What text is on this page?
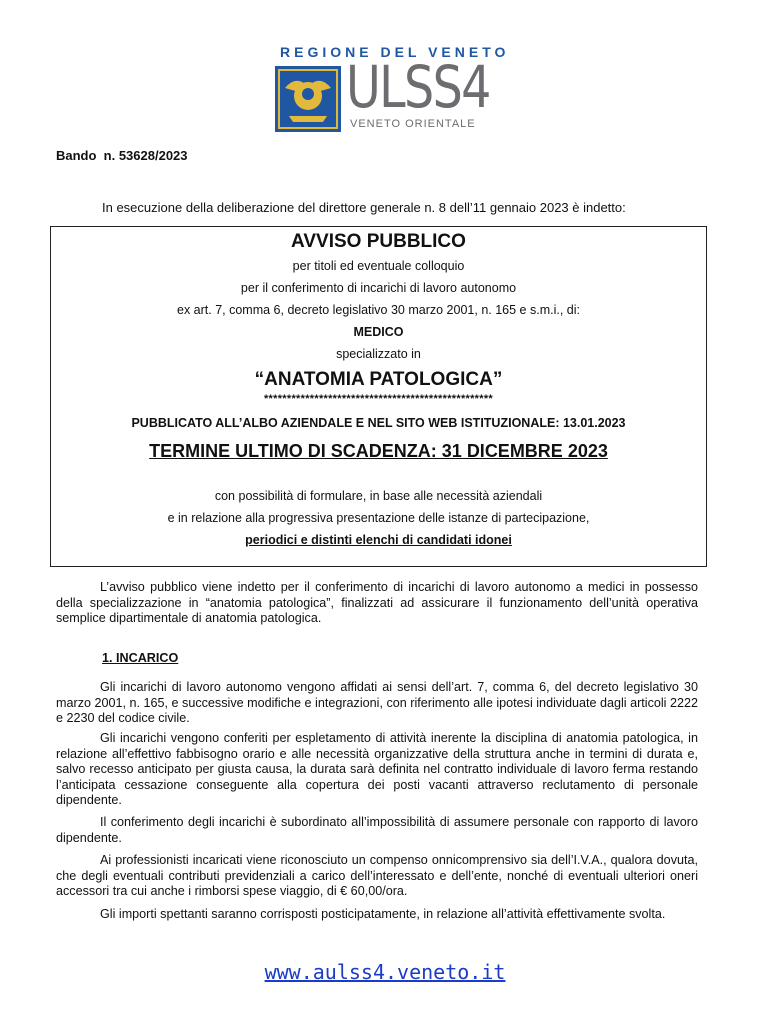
REGIONE DEL VENETO
ULSS4
VENETO ORIENTALE
Bando  n. 53628/2023
In esecuzione della deliberazione del direttore generale n. 8 dell’11 gennaio 2023 è indetto:
AVVISO PUBBLICO
per titoli ed eventuale colloquio
per il conferimento di incarichi di lavoro autonomo
ex art. 7, comma 6, decreto legislativo 30 marzo 2001, n. 165 e s.m.i., di:
MEDICO
specializzato in
“ANATOMIA PATOLOGICA”
**************************************************
PUBBLICATO ALL’ALBO AZIENDALE E NEL SITO WEB ISTITUZIONALE: 13.01.2023
TERMINE ULTIMO DI SCADENZA: 31 DICEMBRE 2023
con possibilità di formulare, in base alle necessità aziendali
e in relazione alla progressiva presentazione delle istanze di partecipazione,
periodici e distinti elenchi di candidati idonei
L’avviso pubblico viene indetto per il conferimento di incarichi di lavoro autonomo a medici in possesso della specializzazione in “anatomia patologica”, finalizzati ad assicurare il funzionamento dell’unità operativa semplice dipartimentale di anatomia patologica.
1. INCARICO
Gli incarichi di lavoro autonomo vengono affidati ai sensi dell’art. 7, comma 6, del decreto legislativo 30 marzo 2001, n. 165, e successive modifiche e integrazioni, con riferimento alle ipotesi individuate dagli articoli 2222 e 2230 del codice civile.
Gli incarichi vengono conferiti per espletamento di attività inerente la disciplina di anatomia patologica, in relazione all’effettivo fabbisogno orario e alle necessità organizzative della struttura anche in termini di durata e, salvo recesso anticipato per giusta causa, la durata sarà definita nel contratto individuale di lavoro ferma restando l’anticipata cessazione conseguente alla copertura dei posti vacanti attraverso reclutamento di personale dipendente.
Il conferimento degli incarichi è subordinato all’impossibilità di assumere personale con rapporto di lavoro dipendente.
Ai professionisti incaricati viene riconosciuto un compenso onnicomprensivo sia dell’I.V.A., qualora dovuta, che degli eventuali contributi previdenziali a carico dell’interessato e dell’ente, nonché di eventuali ulteriori oneri accessori tra cui anche i rimborsi spese viaggio, di € 60,00/ora.
Gli importi spettanti saranno corrisposti posticipatamente, in relazione all’attività effettivamente svolta.
www.aulss4.veneto.it
